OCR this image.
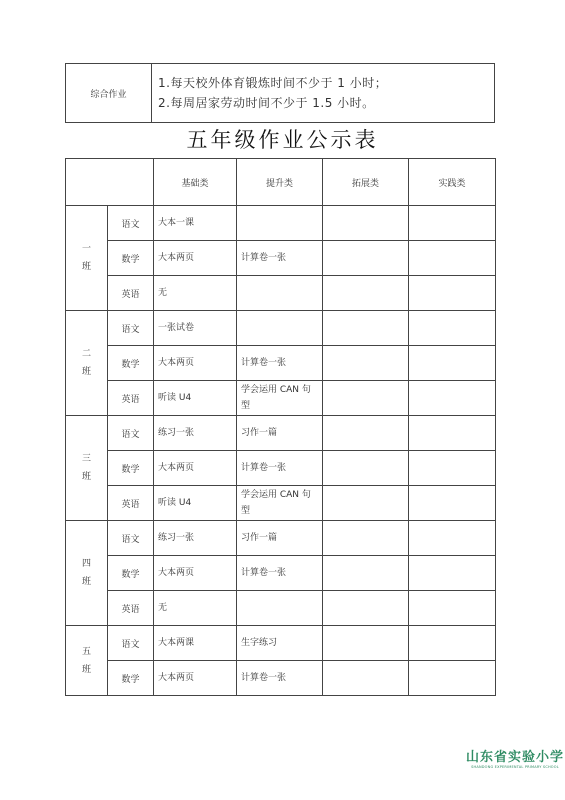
综合作业	
1.每天校外体育锻炼时间不少于 1 小时；
2.每周居家劳动时间不少于 1.5 小时。
五年级作业公示表
		基础类	提升类	拓展类	实践类

一
班	语文	大本一课			
	数学	大本两页	计算卷一张		
	英语	无			

二
班	语文	一张试卷			
	数学	大本两页	计算卷一张		
	英语	听读 U4	学会运用 CAN 句型		

三
班	语文	练习一张	习作一篇		
	数学	大本两页	计算卷一张		
	英语	听读 U4	学会运用 CAN 句型		

四
班	语文	练习一张	习作一篇		
	数学	大本两页	计算卷一张		
	英语	无			

五
班	语文	大本两课	生字练习		
	数学	大本两页	计算卷一张		
山东省实验小学
SHANDONG EXPERIMENTAL PRIMARY SCHOOL
